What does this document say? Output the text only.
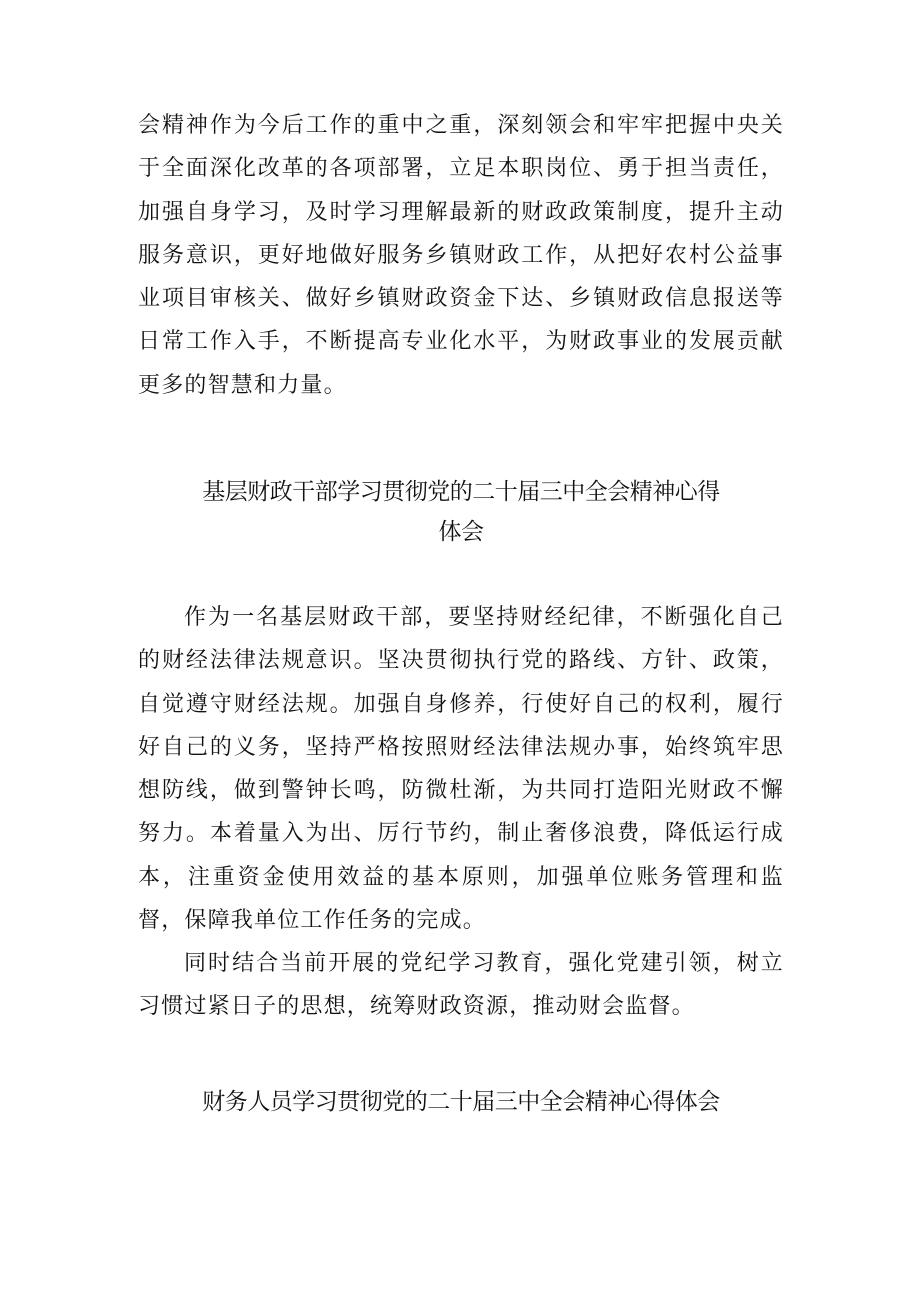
会精神作为今后工作的重中之重，深刻领会和牢牢把握中央关于全面深化改革的各项部署，立足本职岗位、勇于担当责任，加强自身学习，及时学习理解最新的财政政策制度，提升主动服务意识，更好地做好服务乡镇财政工作，从把好农村公益事业项目审核关、做好乡镇财政资金下达、乡镇财政信息报送等日常工作入手，不断提高专业化水平，为财政事业的发展贡献更多的智慧和力量。

基层财政干部学习贯彻党的二十届三中全会精神心得
体会

作为一名基层财政干部，要坚持财经纪律，不断强化自己的财经法律法规意识。坚决贯彻执行党的路线、方针、政策，自觉遵守财经法规。加强自身修养，行使好自己的权利，履行好自己的义务，坚持严格按照财经法律法规办事，始终筑牢思想防线，做到警钟长鸣，防微杜渐，为共同打造阳光财政不懈努力。本着量入为出、厉行节约，制止奢侈浪费，降低运行成本，注重资金使用效益的基本原则，加强单位账务管理和监督，保障我单位工作任务的完成。

同时结合当前开展的党纪学习教育，强化党建引领，树立习惯过紧日子的思想，统筹财政资源，推动财会监督。

财务人员学习贯彻党的二十届三中全会精神心得体会
